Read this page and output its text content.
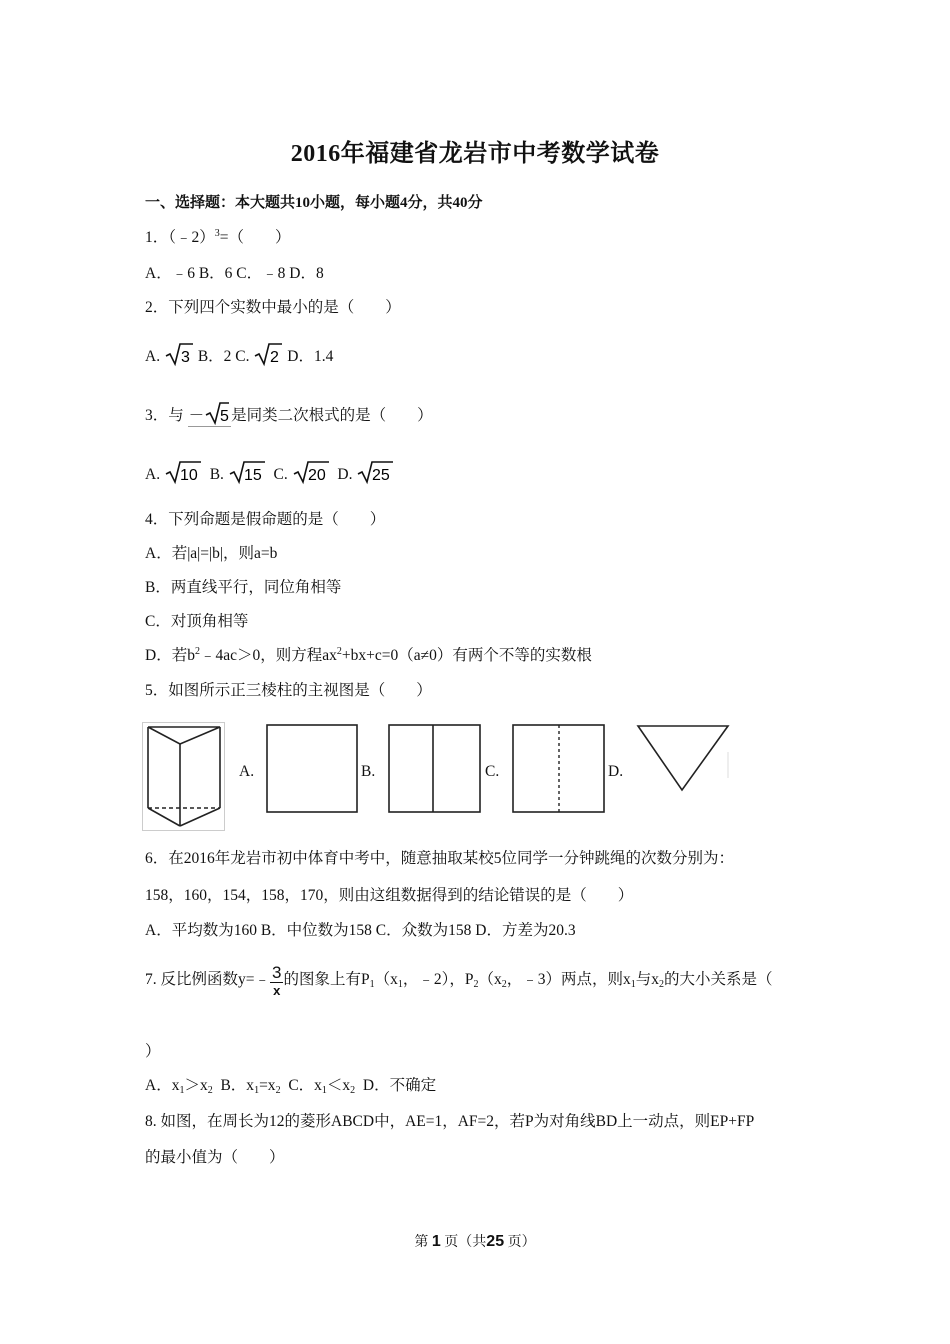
2016年福建省龙岩市中考数学试卷
一、选择题：本大题共10小题，每小题4分，共40分
1．（﹣2）$^3$=（　　）
A．﹣6 B．6 C．﹣8 D．8
2．下列四个实数中最小的是（　　）
A. 3 B．2 C. 2 D．1.4
3．与 － 5 是同类二次根式的是（　　）
A. 10 B. 15 C. 20 D. 25
4．下列命题是假命题的是（　　）
A．若|a|=|b|，则a=b
B．两直线平行，同位角相等
C．对顶角相等
D．若$b^2﹣4ac>0$，则方程$ax^2+bx+c=0(a\ne 0)$有两个不等的实数根
5．如图所示正三棱柱的主视图是（　　）
A.	B.	C.	D.
6．在2016年龙岩市初中体育中考中，随意抽取某校5位同学一分钟跳绳的次数分别为：
158，160，154，158，170，则由这组数据得到的结论错误的是（　　）
A．平均数为160 B．中位数为158 C．众数为158 D．方差为20.3
7. 反比例函数y=﹣ $\frac{3}{x}$ 的图象上有$P_1(x_1$，﹣2），$P_2(x_2$，﹣3）两点，则$x_1$与$x_2$的大小关系是（
）
A．$x_1>x_2$  B．$x_1=x_2$  C．$x_1<x_2$  D．不确定
8. 如图，在周长为12的菱形ABCD中，AE=1，AF=2，若P为对角线BD上一动点，则EP+FP
的最小值为（　　）
第 1 页（共25 页）
